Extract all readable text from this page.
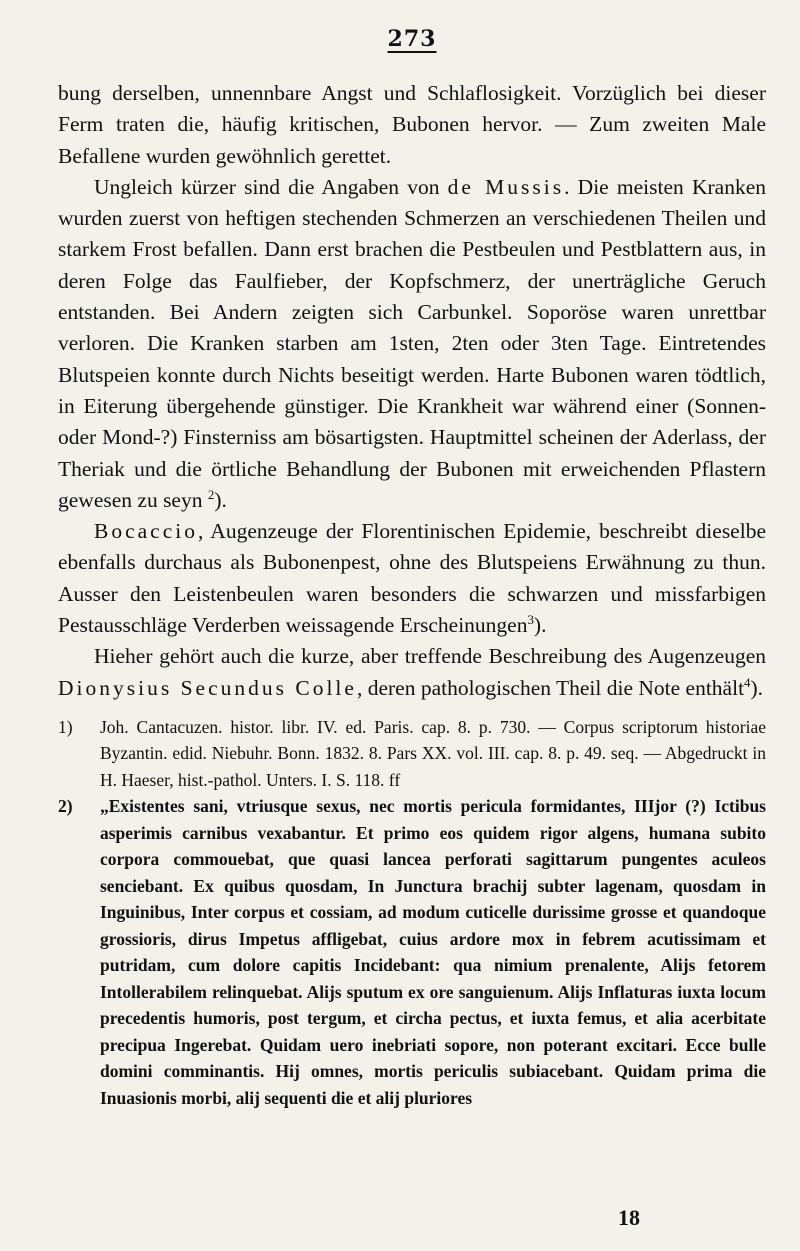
273

bung derselben, unnennbare Angst und Schlaflosigkeit. Vorzüglich bei dieser Ferm traten die, häufig kritischen, Bubonen hervor. — Zum zweiten Male Befallene wurden gewöhnlich gerettet.

Ungleich kürzer sind die Angaben von de Mussis. Die meisten Kranken wurden zuerst von heftigen stechenden Schmerzen an verschiedenen Theilen und starkem Frost befallen. Dann erst brachen die Pestbeulen und Pestblattern aus, in deren Folge das Faulfieber, der Kopfschmerz, der unerträgliche Geruch entstanden. Bei Andern zeigten sich Carbunkel. Soporöse waren unrettbar verloren. Die Kranken starben am 1sten, 2ten oder 3ten Tage. Eintretendes Blutspeien konnte durch Nichts beseitigt werden. Harte Bubonen waren tödtlich, in Eiterung übergehende günstiger. Die Krankheit war während einer (Sonnen- oder Mond-?) Finsterniss am bösartigsten. Hauptmittel scheinen der Aderlass, der Theriak und die örtliche Behandlung der Bubonen mit erweichenden Pflastern gewesen zu seyn $^2$).

Bocaccio, Augenzeuge der Florentinischen Epidemie, beschreibt dieselbe ebenfalls durchaus als Bubonenpest, ohne des Blutspeiens Erwähnung zu thun. Ausser den Leistenbeulen waren besonders die schwarzen und missfarbigen Pestausschläge Verderben weissagende Erscheinungen$^3$).

Hieher gehört auch die kurze, aber treffende Beschreibung des Augenzeugen Dionysius Secundus Colle, deren pathologischen Theil die Note enthält$^4$).

1) Joh. Cantacuzen. histor. libr. IV. ed. Paris. cap. 8. p. 730. — Corpus scriptorum historiae Byzantin. edid. Niebuhr. Bonn. 1832. 8. Pars XX. vol. III. cap. 8. p. 49. seq. — Abgedruckt in H. Haeser, hist.-pathol. Unters. I. S. 118. ff

2) „Existentes sani, vtriusque sexus, nec mortis pericula formidantes, IIIjor (?) Ictibus asperimis carnibus vexabantur. Et primo eos quidem rigor algens, humana subito corpora commouebat, que quasi lancea perforati sagittarum pungentes aculeos senciebant. Ex quibus quosdam, In Junctura brachij subter lagenam, quosdam in Inguinibus, Inter corpus et cossiam, ad modum cuticelle durissime grosse et quandoque grossioris, dirus Impetus affligebat, cuius ardore mox in febrem acutissimam et putridam, cum dolore capitis Incidebant: qua nimium prenalente, Alijs fetorem Intollerabilem relinquebat. Alijs sputum ex ore sanguienum. Alijs Inflaturas iuxta locum precedentis humoris, post tergum, et circha pectus, et iuxta femus, et alia acerbitate precipua Ingerebat. Quidam uero inebriati sopore, non poterant excitari. Ecce bulle domini comminantis. Hij omnes, mortis periculis subiacebant. Quidam prima die Inuasionis morbi, alij sequenti die et alij pluriores

18
